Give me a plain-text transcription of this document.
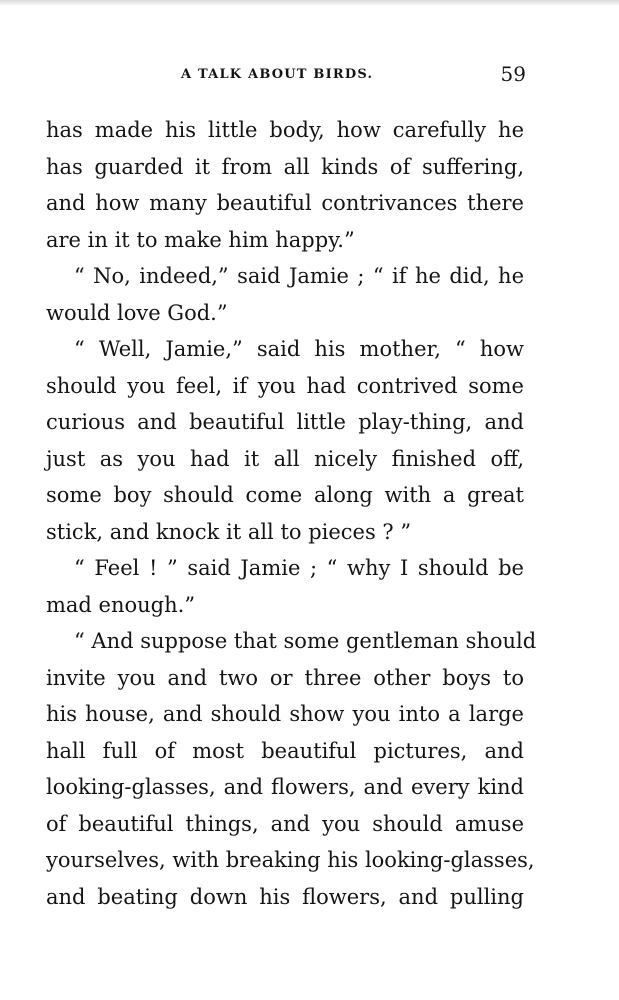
A TALK ABOUT BIRDS.	59
has made his little body, how carefully he
has guarded it from all kinds of suffering,
and how many beautiful contrivances there
are in it to make him happy.”
“ No, indeed,” said Jamie ; “ if he did, he
would love God.”
“ Well, Jamie,” said his mother, “ how
should you feel, if you had contrived some
curious and beautiful little play-thing, and
just as you had it all nicely finished off,
some boy should come along with a great
stick, and knock it all to pieces ? ”
“ Feel ! ” said Jamie ; “ why I should be
mad enough.”
“ And suppose that some gentleman should
invite you and two or three other boys to
his house, and should show you into a large
hall full of most beautiful pictures, and
looking-glasses, and flowers, and every kind
of beautiful things, and you should amuse
yourselves, with breaking his looking-glasses,
and beating down his flowers, and pulling
